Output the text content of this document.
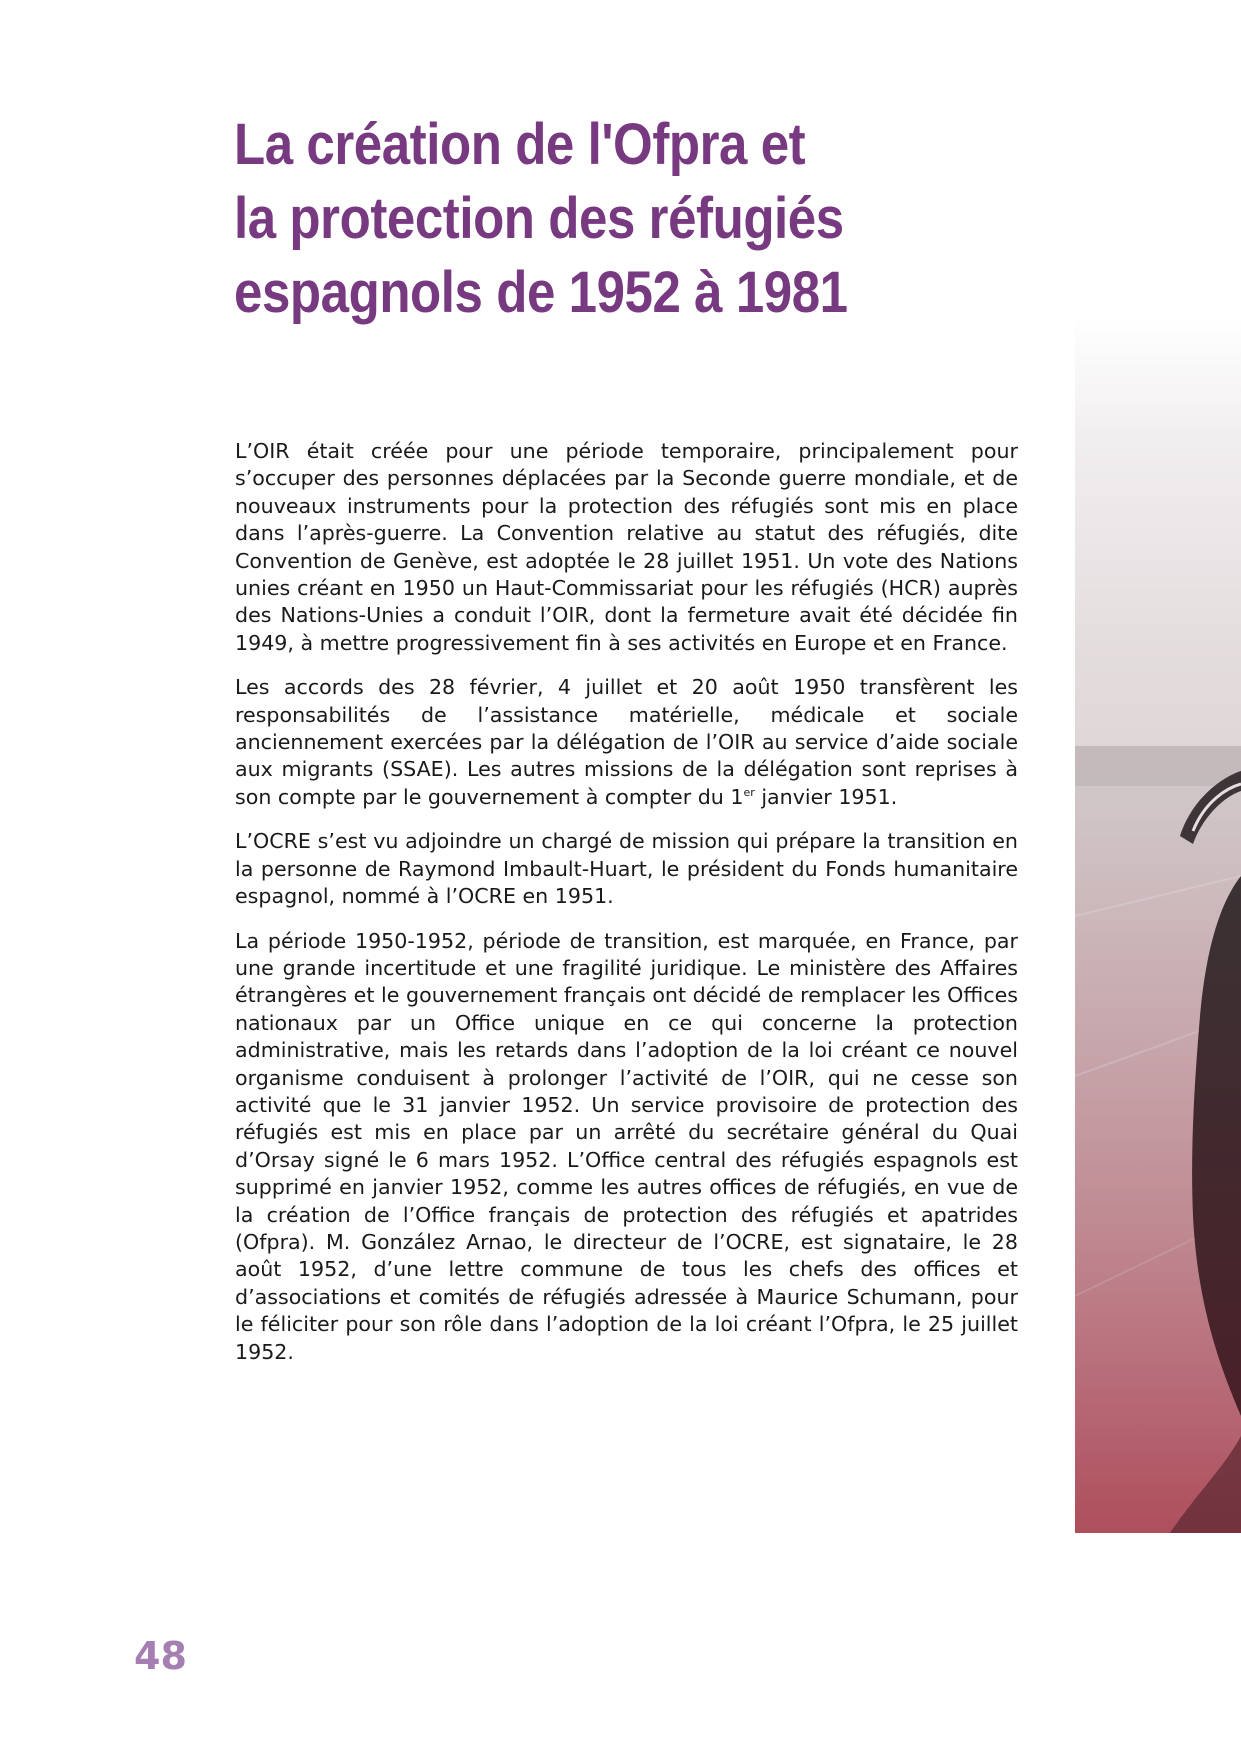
La création de l'Ofpra et
la protection des réfugiés
espagnols de 1952 à 1981

L’OIR était créée pour une période temporaire, principalement pour s’occuper des personnes déplacées par la Seconde guerre mondiale, et de nouveaux instruments pour la protection des réfugiés sont mis en place dans l’après-guerre. La Convention relative au statut des réfugiés, dite Convention de Genève, est adoptée le 28 juillet 1951. Un vote des Nations unies créant en 1950 un Haut-Commissariat pour les réfugiés (HCR) auprès des Nations-Unies a conduit l’OIR, dont la fermeture avait été décidée fin 1949, à mettre progressivement fin à ses activités en Europe et en France.

Les accords des 28 février, 4 juillet et 20 août 1950 transfèrent les responsabilités de l’assistance matérielle, médicale et sociale anciennement exercées par la délégation de l’OIR au service d’aide sociale aux migrants (SSAE). Les autres missions de la délégation sont reprises à son compte par le gouvernement à compter du 1er janvier 1951.

L’OCRE s’est vu adjoindre un chargé de mission qui prépare la transition en la personne de Raymond Imbault-Huart, le président du Fonds humanitaire espagnol, nommé à l’OCRE en 1951.

La période 1950-1952, période de transition, est marquée, en France, par une grande incertitude et une fragilité juridique. Le ministère des Affaires étrangères et le gouvernement français ont décidé de remplacer les Offices nationaux par un Office unique en ce qui concerne la protection administrative, mais les retards dans l’adoption de la loi créant ce nouvel organisme conduisent à prolonger l’activité de l’OIR, qui ne cesse son activité que le 31 janvier 1952. Un service provisoire de protection des réfugiés est mis en place par un arrêté du secrétaire général du Quai d’Orsay signé le 6 mars 1952. L’Office central des réfugiés espagnols est supprimé en janvier 1952, comme les autres offices de réfugiés, en vue de la création de l’Office français de protection des réfugiés et apatrides (Ofpra). M. González Arnao, le directeur de l’OCRE, est signataire, le 28 août 1952, d’une lettre commune de tous les chefs des offices et d’associations et comités de réfugiés adressée à Maurice Schumann, pour le féliciter pour son rôle dans l’adoption de la loi créant l’Ofpra, le 25 juillet 1952.

48
